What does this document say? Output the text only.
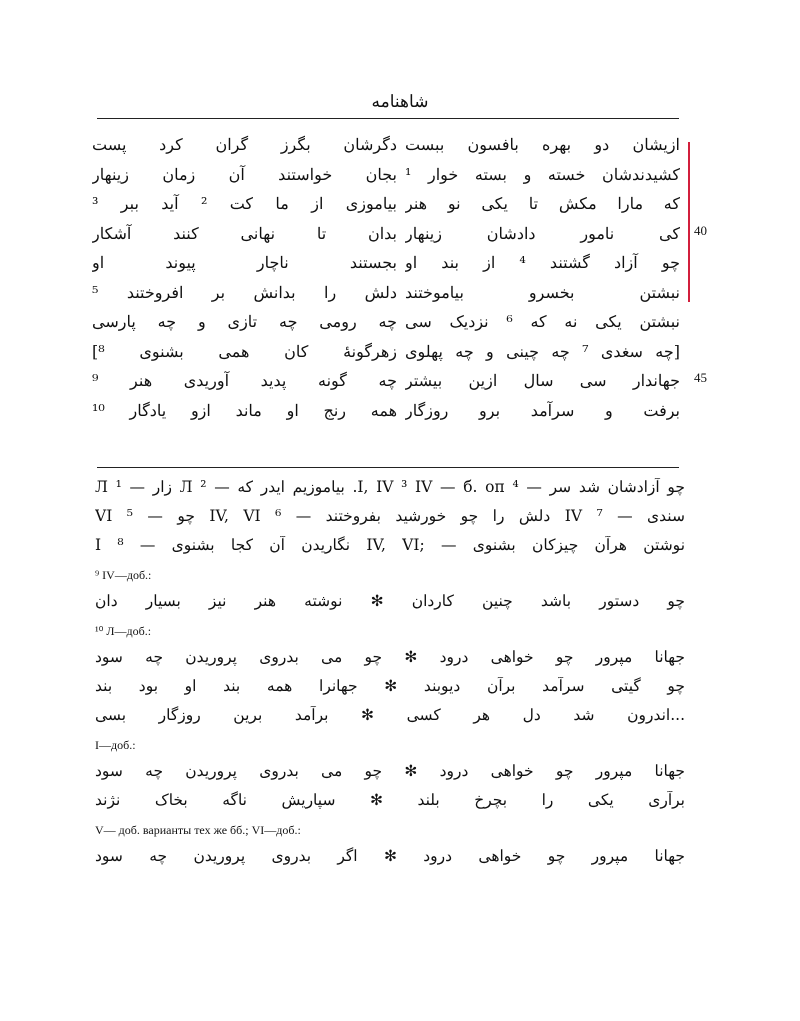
شاهنامه
ازیشان دو بهره بافسون ببست
کشیدندشان خسته و بسته خوار ¹
که مارا مکش تا یکی نو هنر
کی نامور دادشان زینهار
چو آزاد گشتند ⁴ از بند او
نبشتن بخسرو بیاموختند
نبشتن یکی نه که ⁶ نزدیک سی
[چه سغدی ⁷ چه چینی و چه پهلوی
جهاندار سی سال ازین بیشتر
برفت و سرآمد برو روزگار
دگرشان بگرز گران کرد پست
بجان خواستند آن زمان زینهار
بیاموزی از ما کت ² آید ببر ³
بدان تا نهانی کنند آشکار
بجستند ناچار پیوند او
دلش را بدانش بر افروختند ⁵
چه رومی چه تازی و چه پارسی
زهرگونهٔ کان همی بشنوی ⁸]
چه گونه پدید آوریدی هنر ⁹
همه رنج او ماند ازو یادگار ¹⁰
40
45
چو آزادشان شد سر — ⁴ I, IV ³ IV — б. оп. بیاموزیم ایدر که — ² Л زار — ¹ Л
سندی — ⁷ IV دلش را چو خورشید بفروختند — ⁶ IV, VI چو — ⁵ VI
نوشتن هرآن چیزکان بشنوی — ;IV, VI نگاریدن آن کجا بشنوی — I ⁸
⁹ IV—доб.:
چو دستور باشد چنین کاردان ✻ نوشته هنر نیز بسیار دان
¹⁰ Л—доб.:
جهانا مپرور چو خواهی درود ✻ چو می بدروی پروریدن چه سود
چو گیتی سرآمد برآن دیوبند ✻ جهانرا همه بند او بود بند
...اندرون شد دل هر کسی ✻ برآمد برین روزگار بسی
I—доб.:
جهانا مپرور چو خواهی درود ✻ چو می بدروی پروریدن چه سود
برآری یکی را بچرخ بلند ✻ سپاریش ناگه بخاک نژند
V— доб. варианты тех же бб.; VI—доб.:
جهانا مپرور چو خواهی درود ✻ اگر بدروی پروریدن چه سود
